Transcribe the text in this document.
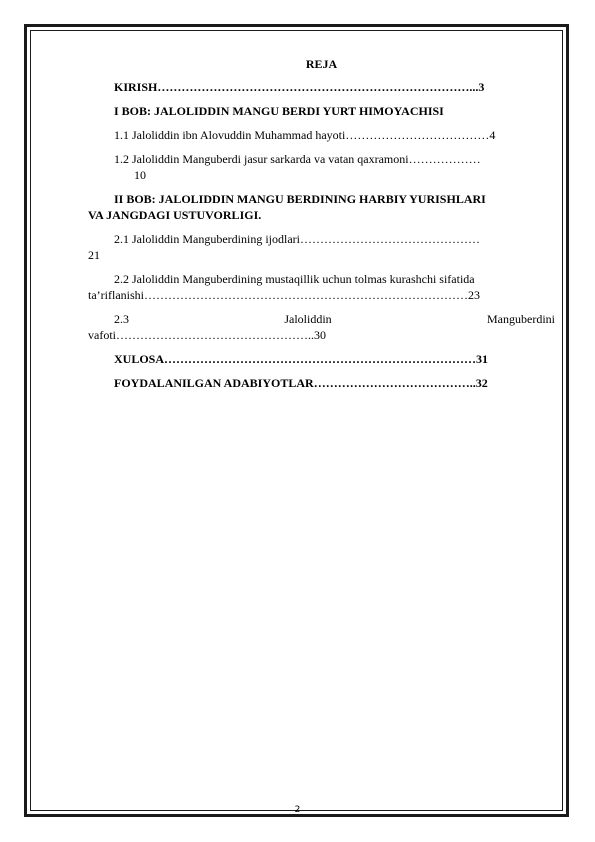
REJA
KIRISH……………………………………………………………………...3
I BOB: JALOLIDDIN MANGU BERDI YURT HIMOYACHISI
1.1 Jaloliddin ibn Alovuddin Muhammad hayoti………………………………4
1.2 Jaloliddin Manguberdi jasur sarkarda va vatan qaxramoni………………
10
II BOB: JALOLIDDIN MANGU BERDINING HARBIY YURISHLARI
VA JANGDAGI USTUVORLIGI.
2.1 Jaloliddin Manguberdining ijodlari………………………………………
21
2.2 Jaloliddin Manguberdining mustaqillik uchun tolmas kurashchi sifatida
ta’riflanishi………………………………………………………………………23
2.3	Jaloliddin	Manguberdini
vafoti…………………………………………..30
XULOSA……………………………………………………………………31
FOYDALANILGAN ADABIYOTLAR…………………………………..32
2
